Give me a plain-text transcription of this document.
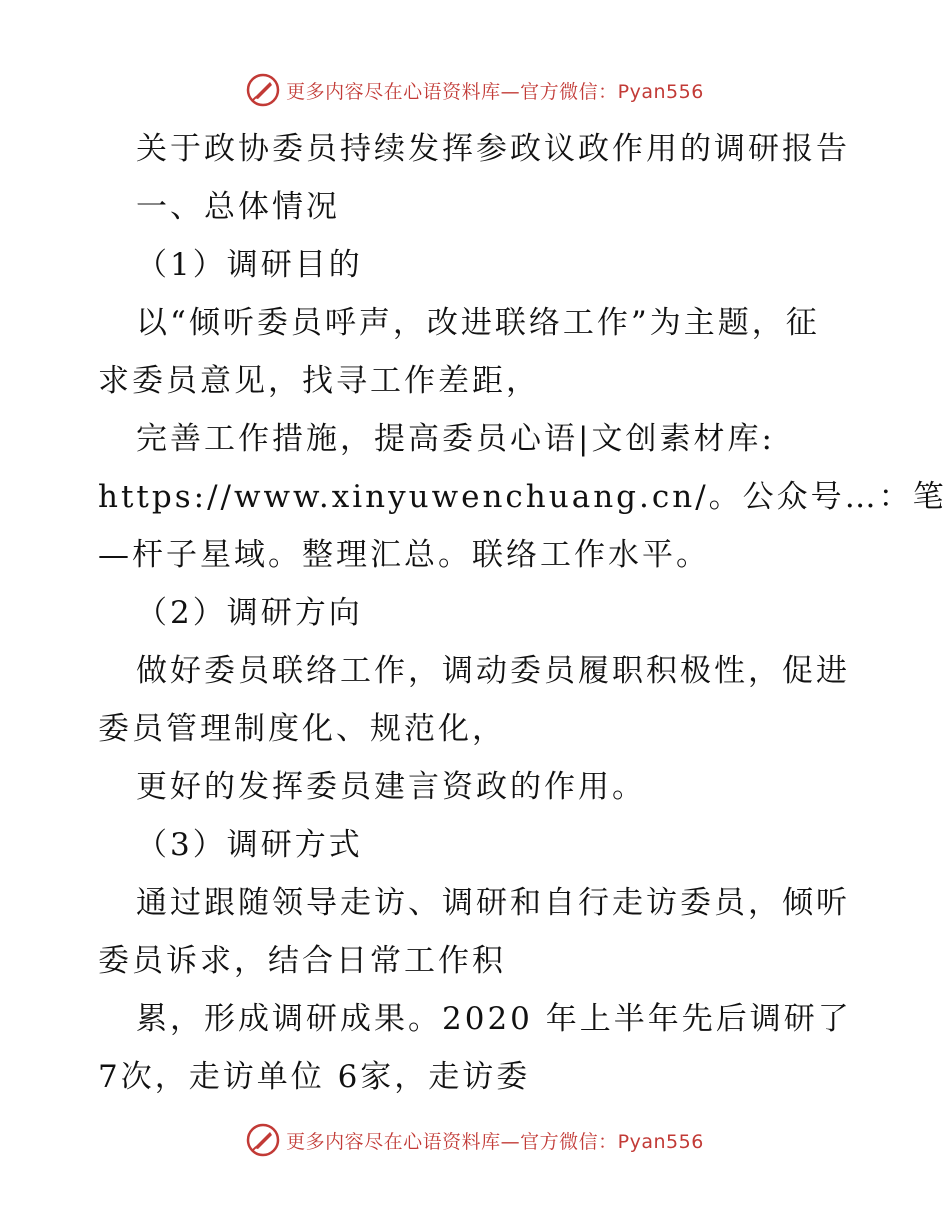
更多内容尽在心语资料库—官方微信：Pyan556
关于政协委员持续发挥参政议政作用的调研报告
一、总体情况
（1）调研目的
以“倾听委员呼声，改进联络工作”为主题，征
求委员意见，找寻工作差距，
完善工作措施，提高委员心语|文创素材库:
https://www.xinyuwenchuang.cn/。公众号…：笔
—杆子星域。整理汇总。联络工作水平。
（2）调研方向
做好委员联络工作，调动委员履职积极性，促进
委员管理制度化、规范化，
更好的发挥委员建言资政的作用。
（3）调研方式
通过跟随领导走访、调研和自行走访委员，倾听
委员诉求，结合日常工作积
累，形成调研成果。2020 年上半年先后调研了
7次，走访单位 6家，走访委
更多内容尽在心语资料库—官方微信：Pyan556
